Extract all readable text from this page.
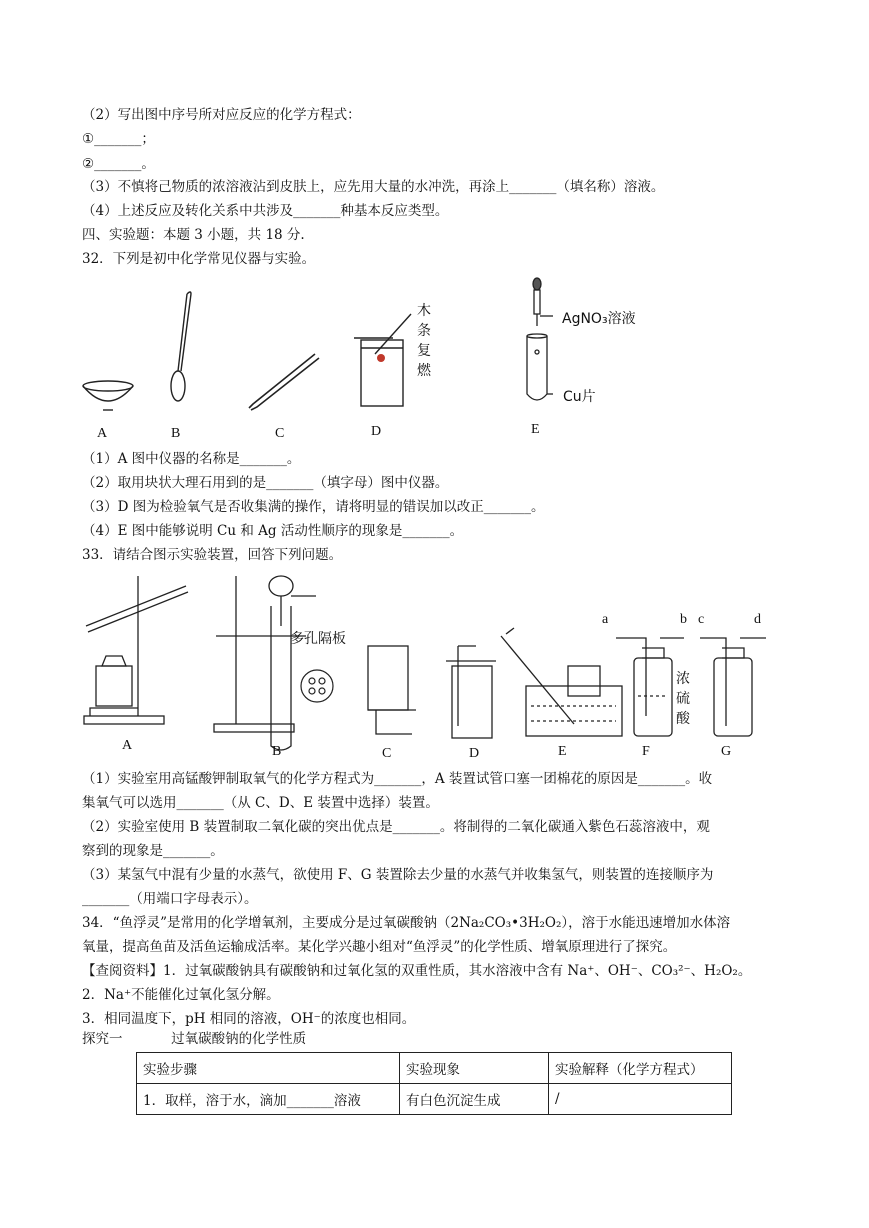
（2）写出图中序号所对应反应的化学方程式：
①_______；
②_______。
（3）不慎将己物质的浓溶液沾到皮肤上，应先用大量的水冲洗，再涂上_______（填名称）溶液。
（4）上述反应及转化关系中共涉及_______种基本反应类型。
四、实验题：本题 3 小题，共 18 分.
32．下列是初中化学常见仪器与实验。
A	B	C	D	E
木
条
复
燃
AgNO₃溶液
Cu片
（1）A 图中仪器的名称是_______。
（2）取用块状大理石用到的是_______（填字母）图中仪器。
（3）D 图为检验氧气是否收集满的操作，请将明显的错误加以改正_______。
（4）E 图中能够说明 Cu 和 Ag 活动性顺序的现象是_______。
33．请结合图示实验装置，回答下列问题。
A	B	C	D	E	F	G
多孔隔板
浓
硫
酸
a	b c	d
（1）实验室用高锰酸钾制取氧气的化学方程式为_______，A 装置试管口塞一团棉花的原因是_______。收
集氧气可以选用_______（从 C、D、E 装置中选择）装置。
（2）实验室使用 B 装置制取二氧化碳的突出优点是_______。将制得的二氧化碳通入紫色石蕊溶液中，观
察到的现象是_______。
（3）某氢气中混有少量的水蒸气，欲使用 F、G 装置除去少量的水蒸气并收集氢气，则装置的连接顺序为
_______（用端口字母表示）。
34．“鱼浮灵”是常用的化学增氧剂，主要成分是过氧碳酸钠（2Na₂CO₃•3H₂O₂），溶于水能迅速增加水体溶
氧量，提高鱼苗及活鱼运输成活率。某化学兴趣小组对“鱼浮灵”的化学性质、增氧原理进行了探究。
【查阅资料】1．过氧碳酸钠具有碳酸钠和过氧化氢的双重性质，其水溶液中含有 Na⁺、OH⁻、CO₃²⁻、H₂O₂。
2．Na⁺不能催化过氧化氢分解。
3．相同温度下，pH 相同的溶液，OH⁻的浓度也相同。
探究一	过氧碳酸钠的化学性质
实验步骤	实验现象	实验解释（化学方程式）
1．取样，溶于水，滴加_______溶液	有白色沉淀生成	/
